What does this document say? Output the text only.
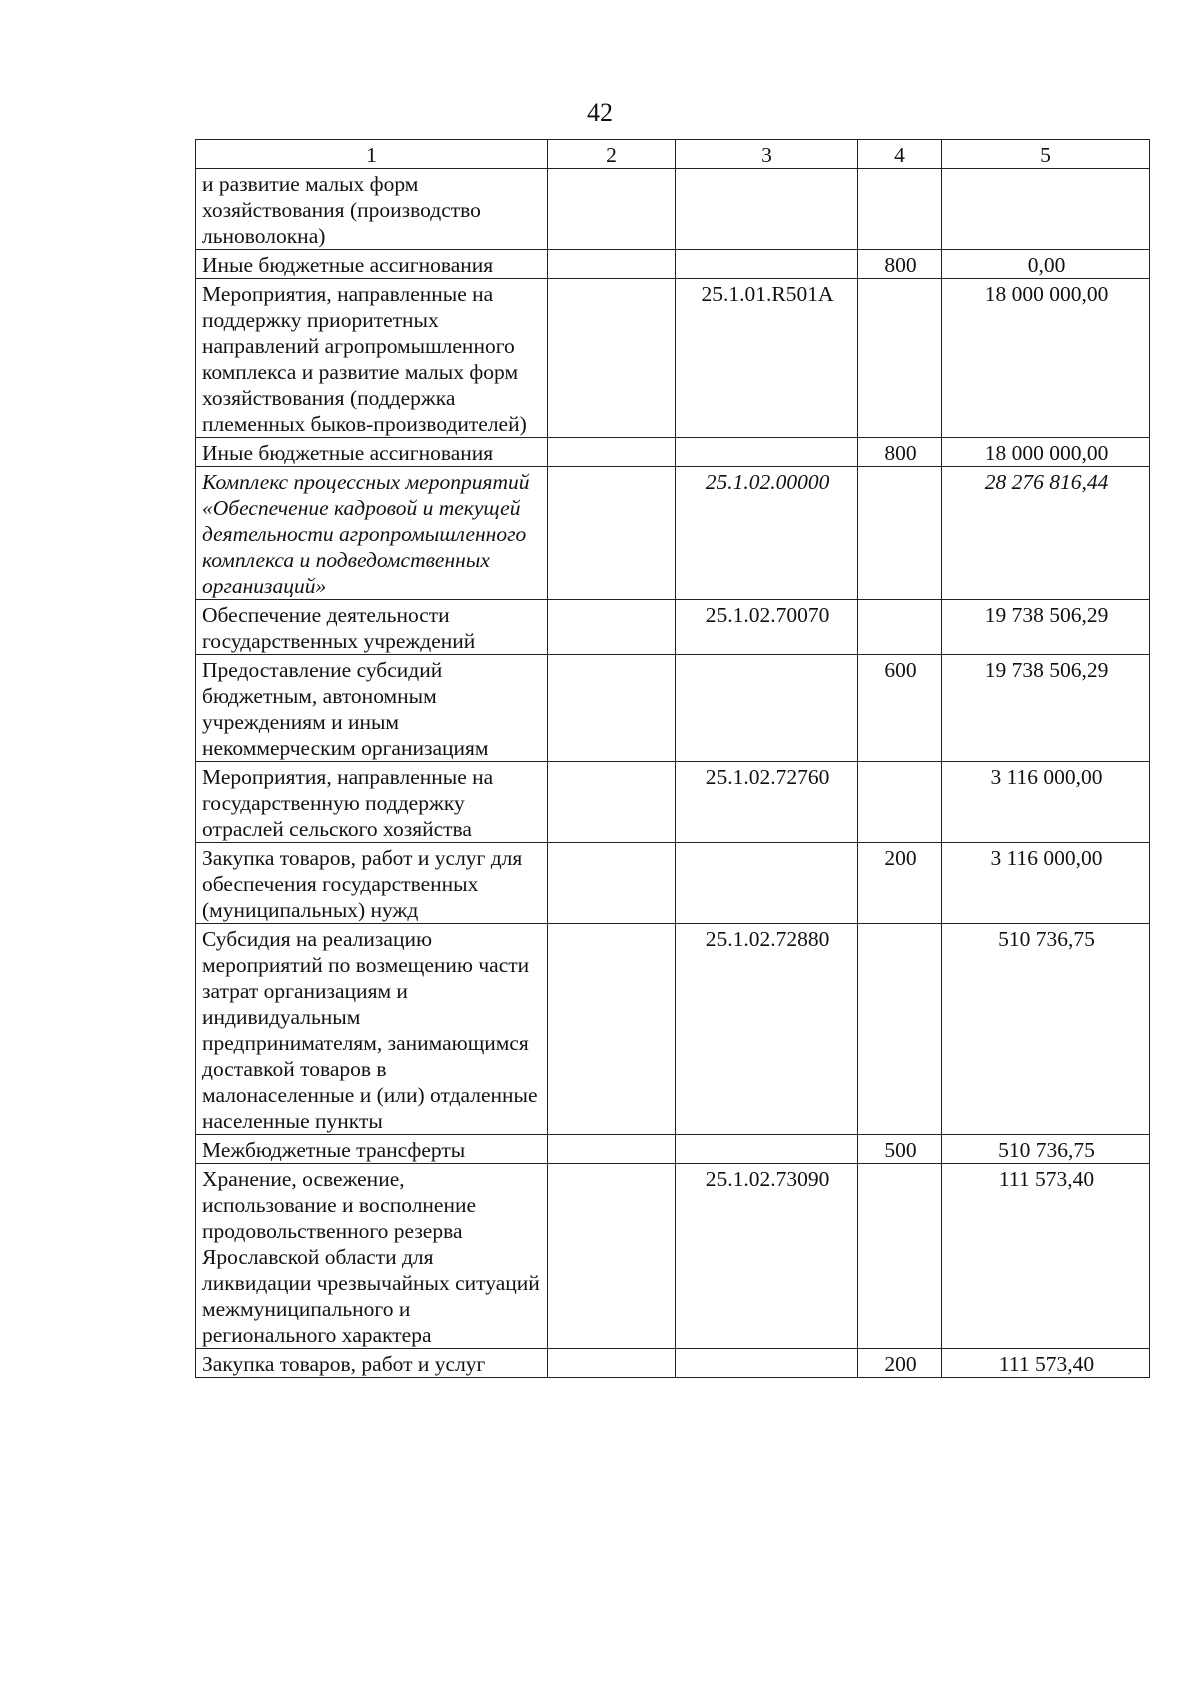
42
1	2	3	4	5
и развитие малых форм хозяйствования (производство льноволокна)				
Иные бюджетные ассигнования			800	0,00
Мероприятия, направленные на поддержку приоритетных направлений агропромышленного комплекса и развитие малых форм хозяйствования (поддержка племенных быков-производителей)		25.1.01.R501A		18 000 000,00
Иные бюджетные ассигнования			800	18 000 000,00
Комплекс процессных мероприятий «Обеспечение кадровой и текущей деятельности агропромышленного комплекса и подведомственных организаций»		25.1.02.00000		28 276 816,44
Обеспечение деятельности государственных учреждений		25.1.02.70070		19 738 506,29
Предоставление субсидий бюджетным, автономным учреждениям и иным некоммерческим организациям			600	19 738 506,29
Мероприятия, направленные на государственную поддержку отраслей сельского хозяйства		25.1.02.72760		3 116 000,00
Закупка товаров, работ и услуг для обеспечения государственных (муниципальных) нужд			200	3 116 000,00
Субсидия на реализацию мероприятий по возмещению части затрат организациям и индивидуальным предпринимателям, занимающимся доставкой товаров в малонаселенные и (или) отдаленные населенные пункты		25.1.02.72880		510 736,75
Межбюджетные трансферты			500	510 736,75
Хранение, освежение, использование и восполнение продовольственного резерва Ярославской области для ликвидации чрезвычайных ситуаций межмуниципального и регионального характера		25.1.02.73090		111 573,40
Закупка товаров, работ и услуг			200	111 573,40
